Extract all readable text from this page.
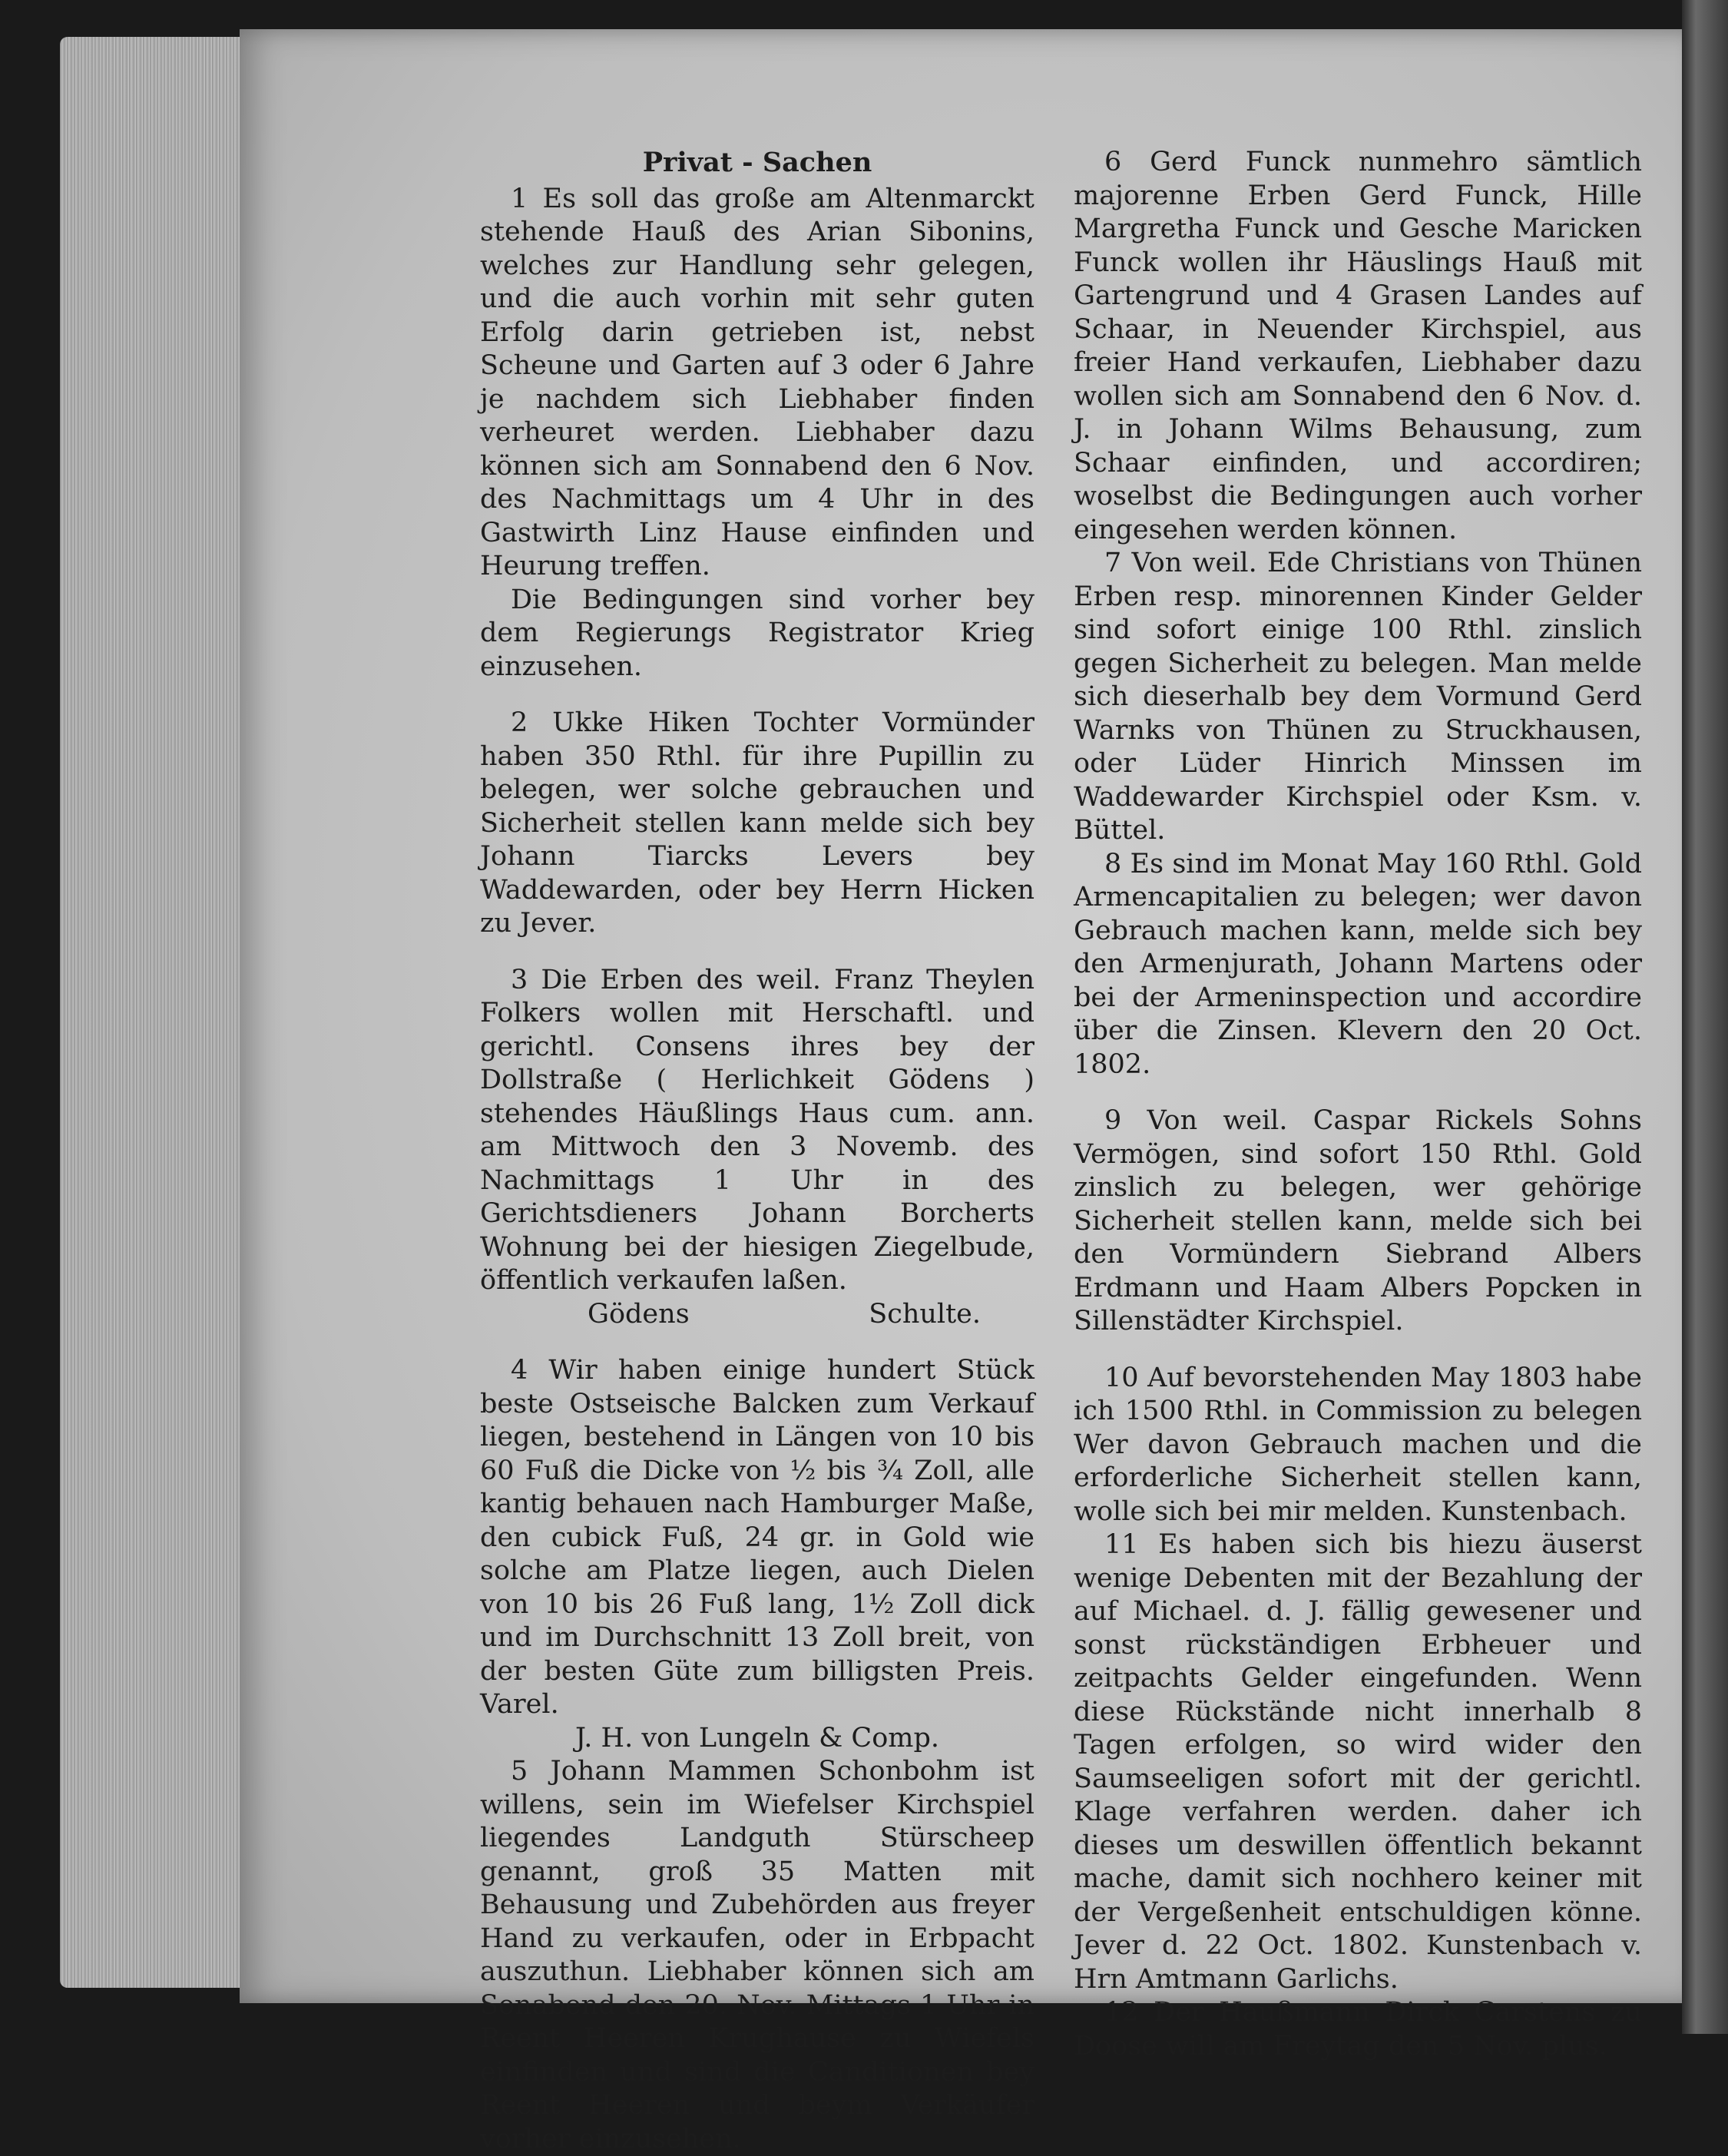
Privat - Sachen

1 Es soll das große am Altenmarckt stehende Hauß des Arian Sibonins, welches zur Handlung sehr gelegen, und die auch vorhin mit sehr guten Erfolg darin getrieben ist, nebst Scheune und Garten auf 3 oder 6 Jahre je nachdem sich Liebhaber finden verheuret werden. Liebhaber dazu können sich am Sonnabend den 6 Nov. des Nachmittags um 4 Uhr in des Gastwirth Linz Hause einfinden und Heurung treffen.

Die Bedingungen sind vorher bey dem Regierungs Registrator Krieg einzusehen.

2 Ukke Hiken Tochter Vormünder haben 350 Rthl. für ihre Pupillin zu belegen, wer solche gebrauchen und Sicherheit stellen kann melde sich bey Johann Tiarcks Levers bey Waddewarden, oder bey Herrn Hicken zu Jever.

3 Die Erben des weil. Franz Theylen Folkers wollen mit Herschaftl. und gerichtl. Consens ihres bey der Dollstraße ( Herlichkeit Gödens ) stehendes Häußlings Haus cum. ann. am Mittwoch den 3 Novemb. des Nachmittags 1 Uhr in des Gerichtsdieners Johann Borcherts Wohnung bei der hiesigen Ziegelbude, öffentlich verkaufen laßen.

Gödens	Schulte.

4 Wir haben einige hundert Stück beste Ostseische Balcken zum Verkauf liegen, bestehend in Längen von 10 bis 60 Fuß die Dicke von ½ bis ¾ Zoll, alle kantig behauen nach Hamburger Maße, den cubick Fuß, 24 gr. in Gold wie solche am Platze liegen, auch Dielen von 10 bis 26 Fuß lang, 1½ Zoll dick und im Durchschnitt 13 Zoll breit, von der besten Güte zum billigsten Preis. Varel.

J. H. von Lungeln & Comp.

5 Johann Mammen Schonbohm ist willens, sein im Wiefelser Kirchspiel liegendes Landguth Stürscheep genannt, groß 35 Matten mit Behausung und Zubehörden aus freyer Hand zu verkaufen, oder in Erbpacht auszuthun. Liebhaber können sich am Sonabend den 20. Nov. Mittags 1 Uhr in Reent Heeren Krughause zu Wiefels einfinden und sind die Canditionen bey Reent Heeren und beym Verkäufer vorher einzusehen.

6 Gerd Funck nunmehro sämtlich majorenne Erben Gerd Funck, Hille Margretha Funck und Gesche Maricken Funck wollen ihr Häuslings Hauß mit Gartengrund und 4 Grasen Landes auf Schaar, in Neuender Kirchspiel, aus freier Hand verkaufen, Liebhaber dazu wollen sich am Sonnabend den 6 Nov. d. J. in Johann Wilms Behausung, zum Schaar einfinden, und accordiren; woselbst die Bedingungen auch vorher eingesehen werden können.

7 Von weil. Ede Christians von Thünen Erben resp. minorennen Kinder Gelder sind sofort einige 100 Rthl. zinslich gegen Sicherheit zu belegen. Man melde sich dieserhalb bey dem Vormund Gerd Warnks von Thünen zu Struckhausen, oder Lüder Hinrich Minssen im Waddewarder Kirchspiel oder Ksm. v. Büttel.

8 Es sind im Monat May 160 Rthl. Gold Armencapitalien zu belegen; wer davon Gebrauch machen kann, melde sich bey den Armenjurath, Johann Martens oder bei der Armeninspection und accordire über die Zinsen. Klevern den 20 Oct. 1802.

9 Von weil. Caspar Rickels Sohns Vermögen, sind sofort 150 Rthl. Gold zinslich zu belegen, wer gehörige Sicherheit stellen kann, melde sich bei den Vormündern Siebrand Albers Erdmann und Haam Albers Popcken in Sillenstädter Kirchspiel.

10 Auf bevorstehenden May 1803 habe ich 1500 Rthl. in Commission zu belegen Wer davon Gebrauch machen und die erforderliche Sicherheit stellen kann, wolle sich bei mir melden. Kunstenbach.

11 Es haben sich bis hiezu äuserst wenige Debenten mit der Bezahlung der auf Michael. d. J. fällig gewesener und sonst rückständigen Erbheuer und zeitpachts Gelder eingefunden. Wenn diese Rückstände nicht innerhalb 8 Tagen erfolgen, so wird wider den Saumseeligen sofort mit der gerichtl. Klage verfahren werden. daher ich dieses um deswillen öffentlich bekannt mache, damit sich nochhero keiner mit der Vergeßenheit entschuldigen könne. Jever d. 22 Oct. 1802. Kunstenbach v. Hrn Amtmann Garlichs.

12 Der Haußmann Dirck Carstens zu Doose will am Freytag den 5 Nov. plus.
